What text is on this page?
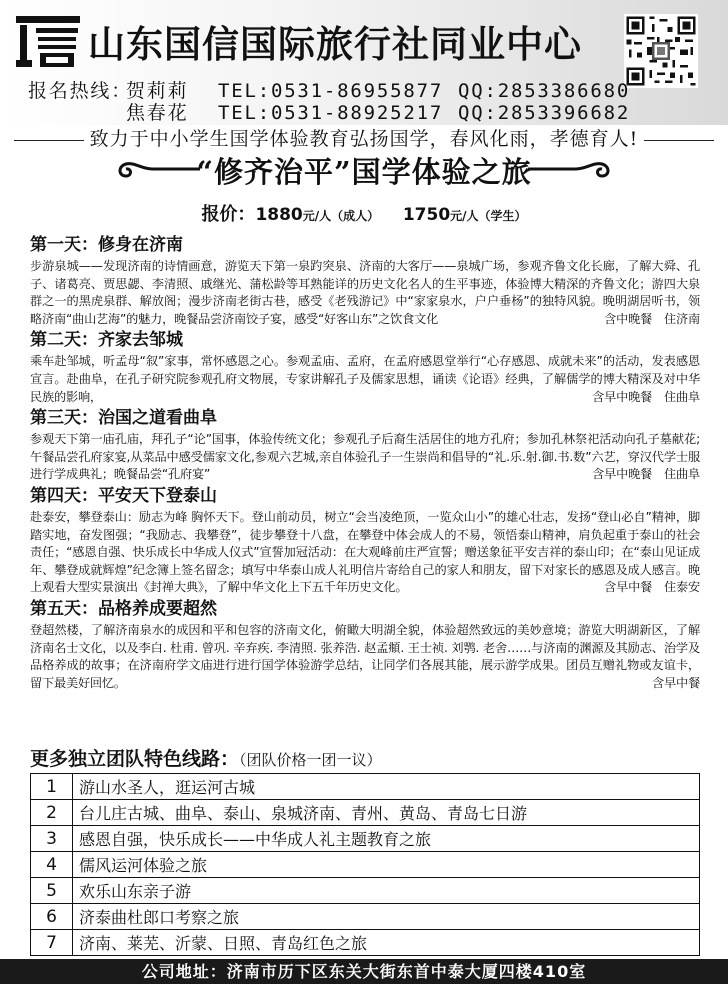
山东国信国际旅行社同业中心
报名热线：贺莉莉 TEL:0531-86955877 QQ:2853386680
焦春花 TEL:0531-88925217 QQ:2853396682
致力于中小学生国学体验教育弘扬国学，春风化雨，孝德育人!
“修齐治平”国学体验之旅
报价：1880元/人（成人） 1750元/人（学生）
第一天：修身在济南
步游泉城——发现济南的诗情画意，游览天下第一泉趵突泉、济南的大客厅——泉城广场，参观齐鲁文化长廊，了解大舜、孔子、诸葛亮、贾思勰、李清照、戚继光、蒲松龄等耳熟能详的历史文化名人的生平事迹，体验博大精深的齐鲁文化；游四大泉群之一的黑虎泉群、解放阁；漫步济南老街古巷，感受《老残游记》中“家家泉水，户户垂杨”的独特风貌。晚明湖居听书，领略济南“曲山艺海”的魅力，晚餐品尝济南饺子宴，感受“好客山东”之饮食文化	含中晚餐　住济南
第二天：齐家去邹城
乘车赴邹城，听孟母“叙”家事，常怀感恩之心。参观孟庙、孟府，在孟府感恩堂举行“心存感恩、成就未来”的活动，发表感恩宣言。赴曲阜，在孔子研究院参观孔府文物展，专家讲解孔子及儒家思想，诵读《论语》经典，了解儒学的博大精深及对中华民族的影响，	含早中晚餐　住曲阜
第三天：治国之道看曲阜
参观天下第一庙孔庙，拜孔子“论”国事，体验传统文化；参观孔子后裔生活居住的地方孔府；参加孔林祭祀活动向孔子墓献花;午餐品尝孔府家宴,从菜品中感受儒家文化,参观六艺城,亲自体验孔子一生崇尚和倡导的“礼.乐.射.御.书.数”六艺，穿汉代学士服进行学成典礼；晚餐品尝“孔府宴”	含早中晚餐　住曲阜
第四天：平安天下登泰山
赴泰安，攀登泰山：励志为峰 胸怀天下。登山前动员，树立“会当凌绝顶，一览众山小”的雄心壮志，发扬“登山必自”精神，脚踏实地，奋发图强；“我励志、我攀登”，徒步攀登十八盘，在攀登中体会成人的不易，领悟泰山精神，肩负起重于泰山的社会责任；“感恩自强、快乐成长中华成人仪式”宣誓加冠活动：在大观峰前庄严宣誓；赠送象征平安吉祥的泰山印；在“泰山见证成年、攀登成就辉煌”纪念簿上签名留念；填写中华泰山成人礼明信片寄给自己的家人和朋友，留下对家长的感恩及成人感言。晚上观看大型实景演出《封禅大典》，了解中华文化上下五千年历史文化。	含早中餐　住泰安
第五天：品格养成要超然
登超然楼，了解济南泉水的成因和平和包容的济南文化，俯瞰大明湖全貌，体验超然致远的美妙意境；游览大明湖新区，了解济南名士文化，以及李白. 杜甫. 曾巩. 辛弃疾. 李清照. 张养浩. 赵孟頫. 王士祯. 刘鹗. 老舍……与济南的渊源及其励志、治学及品格养成的故事；在济南府学文庙进行进行国学体验游学总结，让同学们各展其能，展示游学成果。团员互赠礼物或友谊卡，留下最美好回忆。	含早中餐
更多独立团队特色线路：（团队价格一团一议）
1	游山水圣人，逛运河古城
2	台儿庄古城、曲阜、泰山、泉城济南、青州、黄岛、青岛七日游
3	感恩自强，快乐成长——中华成人礼主题教育之旅
4	儒风运河体验之旅
5	欢乐山东亲子游
6	济泰曲杜郎口考察之旅
7	济南、莱芜、沂蒙、日照、青岛红色之旅
公司地址：济南市历下区东关大街东首中泰大厦四楼410室
